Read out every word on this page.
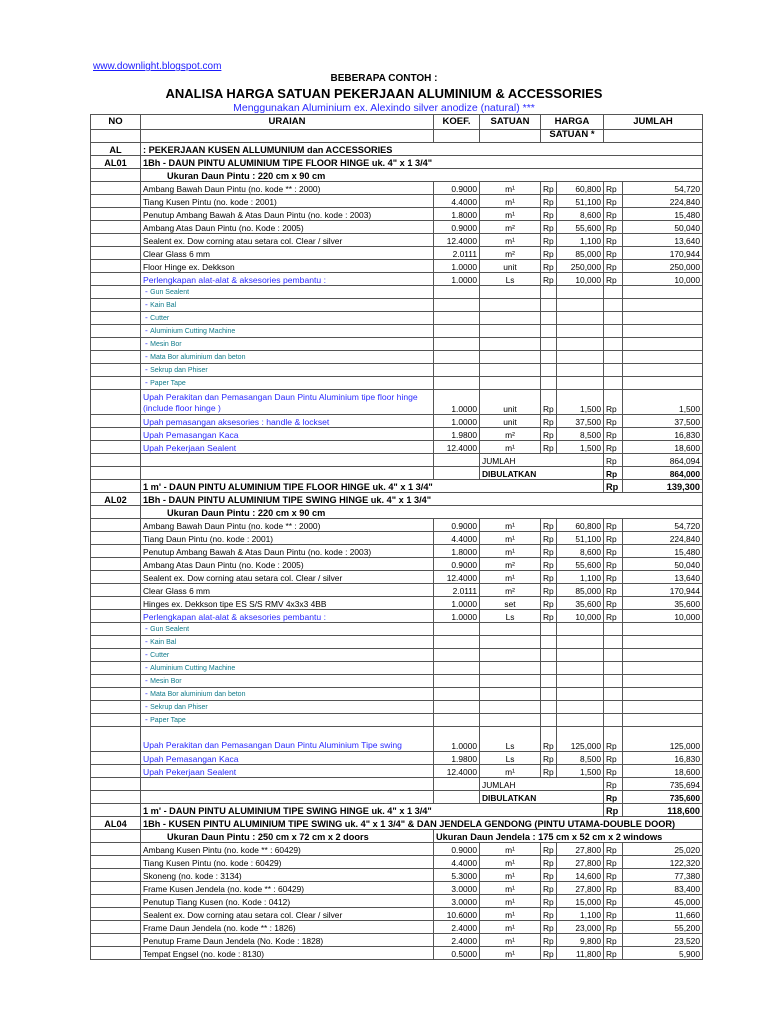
www.downlight.blogspot.com
BEBERAPA CONTOH :
ANALISA HARGA SATUAN PEKERJAAN ALUMINIUM & ACCESSORIES
Menggunakan Aluminium ex. Alexindo silver anodize (natural) ***
NO	URAIAN	KOEF.	SATUAN	HARGA		JUMLAH	
				SATUAN *			
AL	: PEKERJAAN KUSEN ALLUMUNIUM dan ACCESSORIES						
AL01	1Bh - DAUN PINTU ALUMINIUM TIPE FLOOR HINGE uk. 4" x 1 3/4"						
	Ukuran Daun Pintu : 220 cm x 90 cm						
	Ambang Bawah Daun Pintu (no. kode ** : 2000)	0.9000	m¹	Rp	60,800	Rp	54,720
	Tiang Kusen Pintu (no. kode : 2001)	4.4000	m¹	Rp	51,100	Rp	224,840
	Penutup Ambang Bawah & Atas Daun Pintu (no. kode : 2003)	1.8000	m¹	Rp	8,600	Rp	15,480
	Ambang Atas Daun Pintu (no. Kode : 2005)	0.9000	m²	Rp	55,600	Rp	50,040
	Sealent ex. Dow corning atau setara col. Clear / silver	12.4000	m¹	Rp	1,100	Rp	13,640
	Clear Glass 6 mm	2.0111	m²	Rp	85,000	Rp	170,944
	Floor Hinge ex. Dekkson	1.0000	unit	Rp	250,000	Rp	250,000
	Perlengkapan alat-alat & aksesories pembantu :	1.0000	Ls	Rp	10,000	Rp	10,000
	- Gun Sealent						
	- Kain Bal						
	- Cutter						
	- Aluminium Cutting Machine						
	- Mesin Bor						
	- Mata Bor aluminium dan beton						
	- Sekrup dan Phiser						
	- Paper Tape						
	Upah Perakitan dan Pemasangan Daun Pintu Aluminium tipe floor hinge (include floor hinge )	1.0000	unit	Rp	1,500	Rp	1,500
	Upah pemasangan aksesories : handle & lockset	1.0000	unit	Rp	37,500	Rp	37,500
	Upah Pemasangan Kaca	1.9800	m²	Rp	8,500	Rp	16,830
	Upah Pekerjaan Sealent	12.4000	m¹	Rp	1,500	Rp	18,600
			JUMLAH			Rp	864,094
			DIBULATKAN			Rp	864,000
	1 m' - DAUN PINTU ALUMINIUM TIPE FLOOR HINGE uk. 4" x 1 3/4"					Rp	139,300
AL02	1Bh - DAUN PINTU ALUMINIUM TIPE SWING HINGE uk. 4" x 1 3/4"						
	Ukuran Daun Pintu : 220 cm x 90 cm						
	Ambang Bawah Daun Pintu (no. kode ** : 2000)	0.9000	m¹	Rp	60,800	Rp	54,720
	Tiang Daun Pintu (no. kode : 2001)	4.4000	m¹	Rp	51,100	Rp	224,840
	Penutup Ambang Bawah & Atas Daun Pintu (no. kode : 2003)	1.8000	m¹	Rp	8,600	Rp	15,480
	Ambang Atas Daun Pintu (no. Kode : 2005)	0.9000	m²	Rp	55,600	Rp	50,040
	Sealent ex. Dow corning atau setara col. Clear / silver	12.4000	m¹	Rp	1,100	Rp	13,640
	Clear Glass 6 mm	2.0111	m²	Rp	85,000	Rp	170,944
	Hinges ex. Dekkson tipe ES S/S RMV 4x3x3 4BB	1.0000	set	Rp	35,600	Rp	35,600
	Perlengkapan alat-alat & aksesories pembantu :	1.0000	Ls	Rp	10,000	Rp	10,000
	- Gun Sealent						
	- Kain Bal						
	- Cutter						
	- Aluminium Cutting Machine						
	- Mesin Bor						
	- Mata Bor aluminium dan beton						
	- Sekrup dan Phiser						
	- Paper Tape						
	Upah Perakitan dan Pemasangan Daun Pintu Aluminium Tipe swing	1.0000	Ls	Rp	125,000	Rp	125,000
	Upah Pemasangan Kaca	1.9800	Ls	Rp	8,500	Rp	16,830
	Upah Pekerjaan Sealent	12.4000	m¹	Rp	1,500	Rp	18,600
			JUMLAH			Rp	735,694
			DIBULATKAN			Rp	735,600
	1 m' - DAUN PINTU ALUMINIUM TIPE SWING HINGE uk. 4" x 1 3/4"					Rp	118,600
AL04	1Bh - KUSEN PINTU ALUMINIUM TIPE SWING uk. 4" x 1 3/4" & DAN JENDELA GENDONG (PINTU UTAMA-DOUBLE DOOR)						
	Ukuran Daun Pintu : 250 cm x 72 cm x 2 doors	Ukuran Daun Jendela : 175 cm x 52 cm x 2 windows					
	Ambang Kusen Pintu (no. kode ** : 60429)	0.9000	m¹	Rp	27,800	Rp	25,020
	Tiang Kusen Pintu (no. kode : 60429)	4.4000	m¹	Rp	27,800	Rp	122,320
	Skoneng (no. kode : 3134)	5.3000	m¹	Rp	14,600	Rp	77,380
	Frame Kusen Jendela (no. kode ** : 60429)	3.0000	m¹	Rp	27,800	Rp	83,400
	Penutup Tiang Kusen (no. Kode : 0412)	3.0000	m¹	Rp	15,000	Rp	45,000
	Sealent ex. Dow corning atau setara col. Clear / silver	10.6000	m¹	Rp	1,100	Rp	11,660
	Frame Daun Jendela (no. kode ** : 1826)	2.4000	m¹	Rp	23,000	Rp	55,200
	Penutup Frame Daun Jendela (No. Kode : 1828)	2.4000	m¹	Rp	9,800	Rp	23,520
	Tempat Engsel (no. kode : 8130)	0.5000	m¹	Rp	11,800	Rp	5,900
